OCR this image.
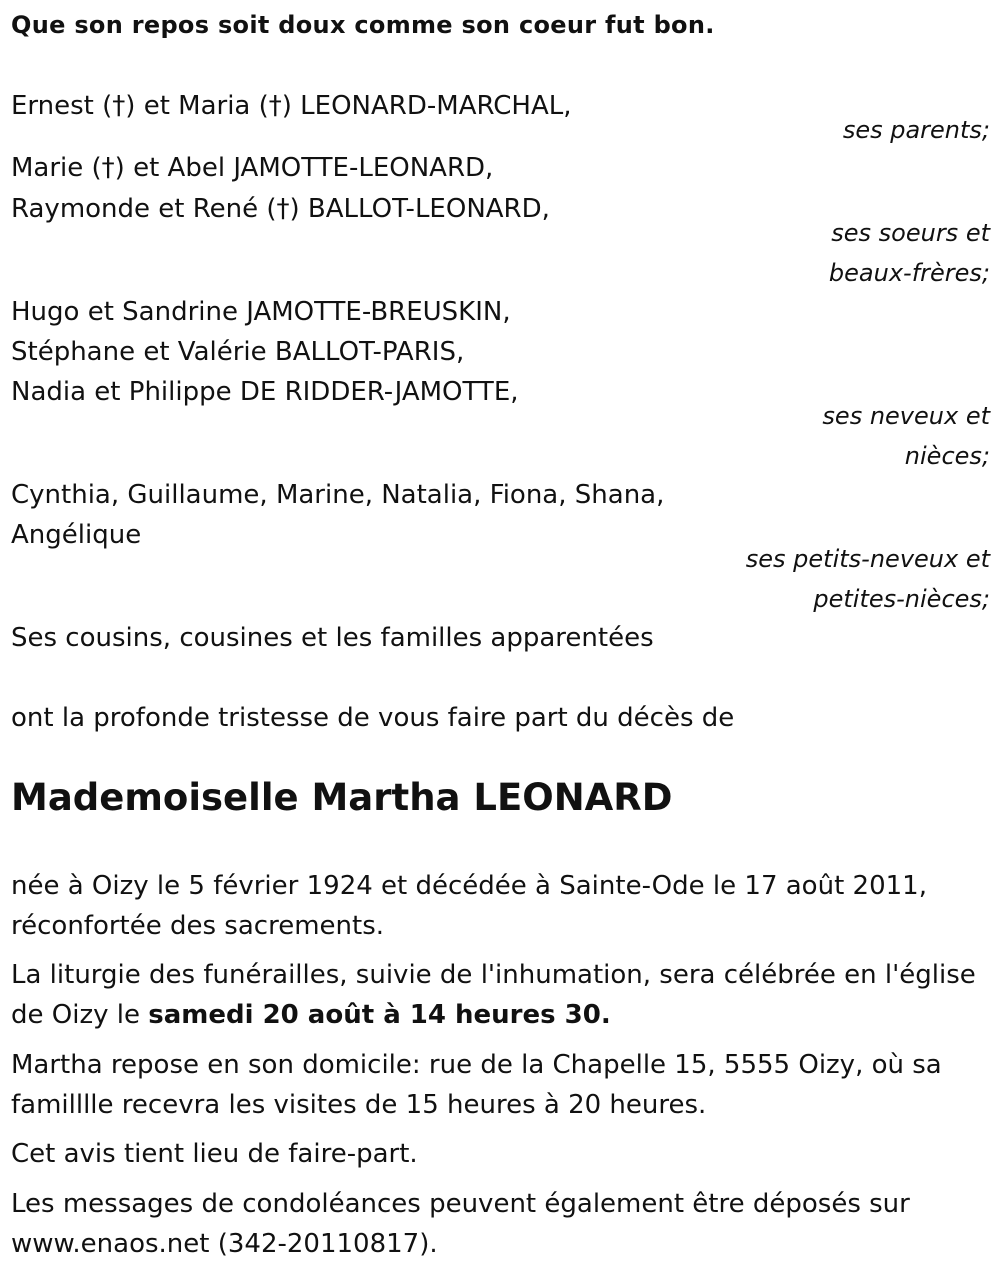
Que son repos soit doux comme son coeur fut bon.
Ernest (†) et Maria (†) LEONARD-MARCHAL,
ses parents;
Marie (†) et Abel JAMOTTE-LEONARD,
Raymonde et René (†) BALLOT-LEONARD,
ses soeurs et
beaux-frères;
Hugo et Sandrine JAMOTTE-BREUSKIN,
Stéphane et Valérie BALLOT-PARIS,
Nadia et Philippe DE RIDDER-JAMOTTE,
ses neveux et
nièces;
Cynthia, Guillaume, Marine, Natalia, Fiona, Shana,
Angélique
ses petits-neveux et
petites-nièces;
Ses cousins, cousines et les familles apparentées
ont la profonde tristesse de vous faire part du décès de
Mademoiselle Martha LEONARD
née à Oizy le 5 février 1924 et décédée à Sainte-Ode le 17 août 2011,
réconfortée des sacrements.
La liturgie des funérailles, suivie de l'inhumation, sera célébrée en l'église
de Oizy le samedi 20 août à 14 heures 30.
Martha repose en son domicile: rue de la Chapelle 15, 5555 Oizy, où sa
familllle recevra les visites de 15 heures à 20 heures.
Cet avis tient lieu de faire-part.
Les messages de condoléances peuvent également être déposés sur
www.enaos.net (342-20110817).
